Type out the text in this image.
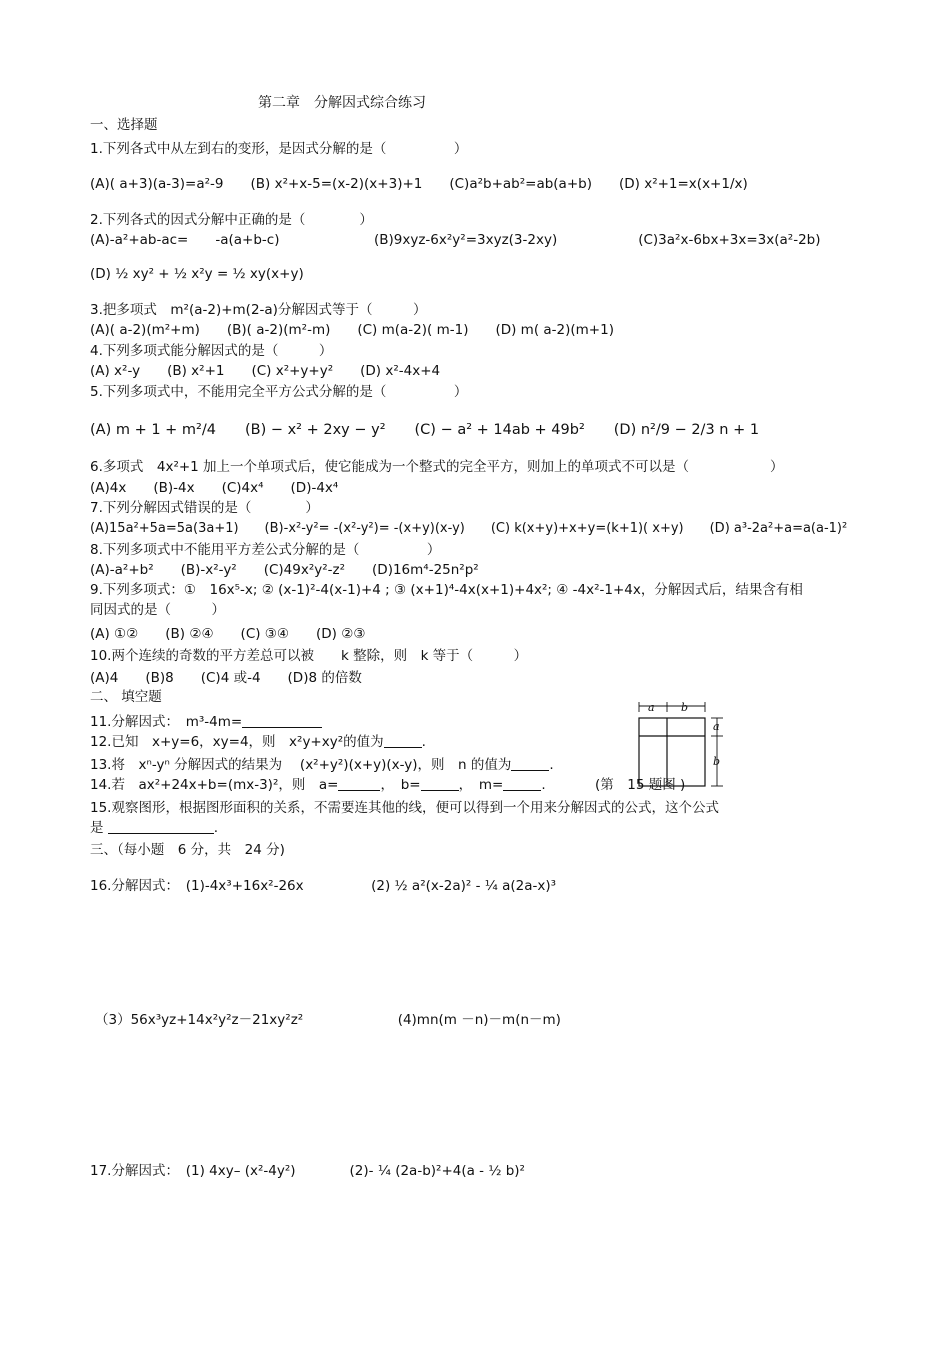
第二章　分解因式综合练习
一、选择题
1.下列各式中从左到右的变形，是因式分解的是（　　　　　）
(A)( a+3)(a-3)=a²-9　　(B) x²+x-5=(x-2)(x+3)+1　　(C)a²b+ab²=ab(a+b)　　(D) x²+1=x(x+1/x)
2.下列各式的因式分解中正确的是（　　　　）
(A)-a²+ab-ac=　　-a(a+b-c)　　　　　　　(B)9xyz-6x²y²=3xyz(3-2xy)　　　　　　(C)3a²x-6bx+3x=3x(a²-2b)
(D) ½ xy² + ½ x²y = ½ xy(x+y)
3.把多项式　m²(a-2)+m(2-a)分解因式等于（　　　）
(A)( a-2)(m²+m)　　(B)( a-2)(m²-m)　　(C) m(a-2)( m-1)　　(D) m( a-2)(m+1)
4.下列多项式能分解因式的是（　　　）
(A) x²-y　　(B) x²+1　　(C) x²+y+y²　　(D) x²-4x+4
5.下列多项式中，不能用完全平方公式分解的是（　　　　　）
(A) m + 1 + m²/4　　(B) − x² + 2xy − y²　　(C) − a² + 14ab + 49b²　　(D) n²/9 − 2/3 n + 1
6.多项式　4x²+1 加上一个单项式后，使它能成为一个整式的完全平方，则加上的单项式不可以是（　　　　　　）
(A)4x　　(B)-4x　　(C)4x⁴　　(D)-4x⁴
7.下列分解因式错误的是（　　　　）
(A)15a²+5a=5a(3a+1)　　(B)-x²-y²= -(x²-y²)= -(x+y)(x-y)　　(C) k(x+y)+x+y=(k+1)( x+y)　　(D) a³-2a²+a=a(a-1)²
8.下列多项式中不能用平方差公式分解的是（　　　　　）
(A)-a²+b²　　(B)-x²-y²　　(C)49x²y²-z²　　(D)16m⁴-25n²p²
9.下列多项式：①　16x⁵-x; ② (x-1)²-4(x-1)+4 ; ③ (x+1)⁴-4x(x+1)+4x²; ④ -4x²-1+4x，分解因式后，结果含有相
同因式的是（　　　）
(A) ①②　　(B) ②④　　(C) ③④　　(D) ②③
10.两个连续的奇数的平方差总可以被　　k 整除，则　k 等于（　　　）
(A)4　　(B)8　　(C)4 或-4　　(D)8 的倍数
二、 填空题
11.分解因式：　m³-4m=
12.已知　x+y=6，xy=4，则　x²y+xy²的值为	.
13.将　xⁿ-yⁿ 分解因式的结果为　 (x²+y²)(x+y)(x-y)，则　n 的值为	.
14.若　ax²+24x+b=(mx-3)²，则　a=	，　b=	，　m=	.	(第　15 题图 )
15.观察图形，根据图形面积的关系，不需要连其他的线，便可以得到一个用来分解因式的公式，这个公式
是	.
a b
a
b
三、（每小题　6 分，共　24 分)
16.分解因式：　(1)-4x³+16x²-26x　　　　　(2) ½ a²(x-2a)² - ¼ a(2a-x)³
（3）56x³yz+14x²y²z－21xy²z²　　　　　　　(4)mn(m －n)－m(n－m)
17.分解因式：　(1) 4xy– (x²-4y²)　　　　(2)- ¼ (2a-b)²+4(a - ½ b)²
